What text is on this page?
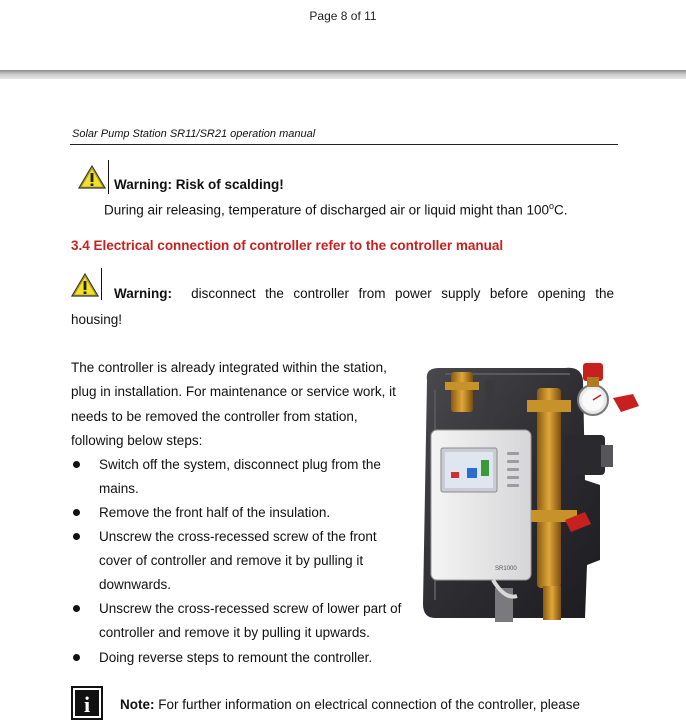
Page 8 of 11
Solar Pump Station SR11/SR21 operation manual
Warning: Risk of scalding!
During air releasing, temperature of discharged air or liquid might than 100$^o$C.
3.4 Electrical connection of controller refer to the controller manual
Warning: disconnect the controller from power supply before opening the
housing!
The controller is already integrated within the station,
plug in installation. For maintenance or service work, it
needs to be removed the controller from station,
following below steps:
Switch off the system, disconnect plug from the
mains.
Remove the front half of the insulation.
Unscrew the cross-recessed screw of the front
cover of controller and remove it by pulling it
downwards.
Unscrew the cross-recessed screw of lower part of
controller and remove it by pulling it upwards.
Doing reverse steps to remount the controller.
SR1000
i Note: For further information on electrical connection of the controller, please
